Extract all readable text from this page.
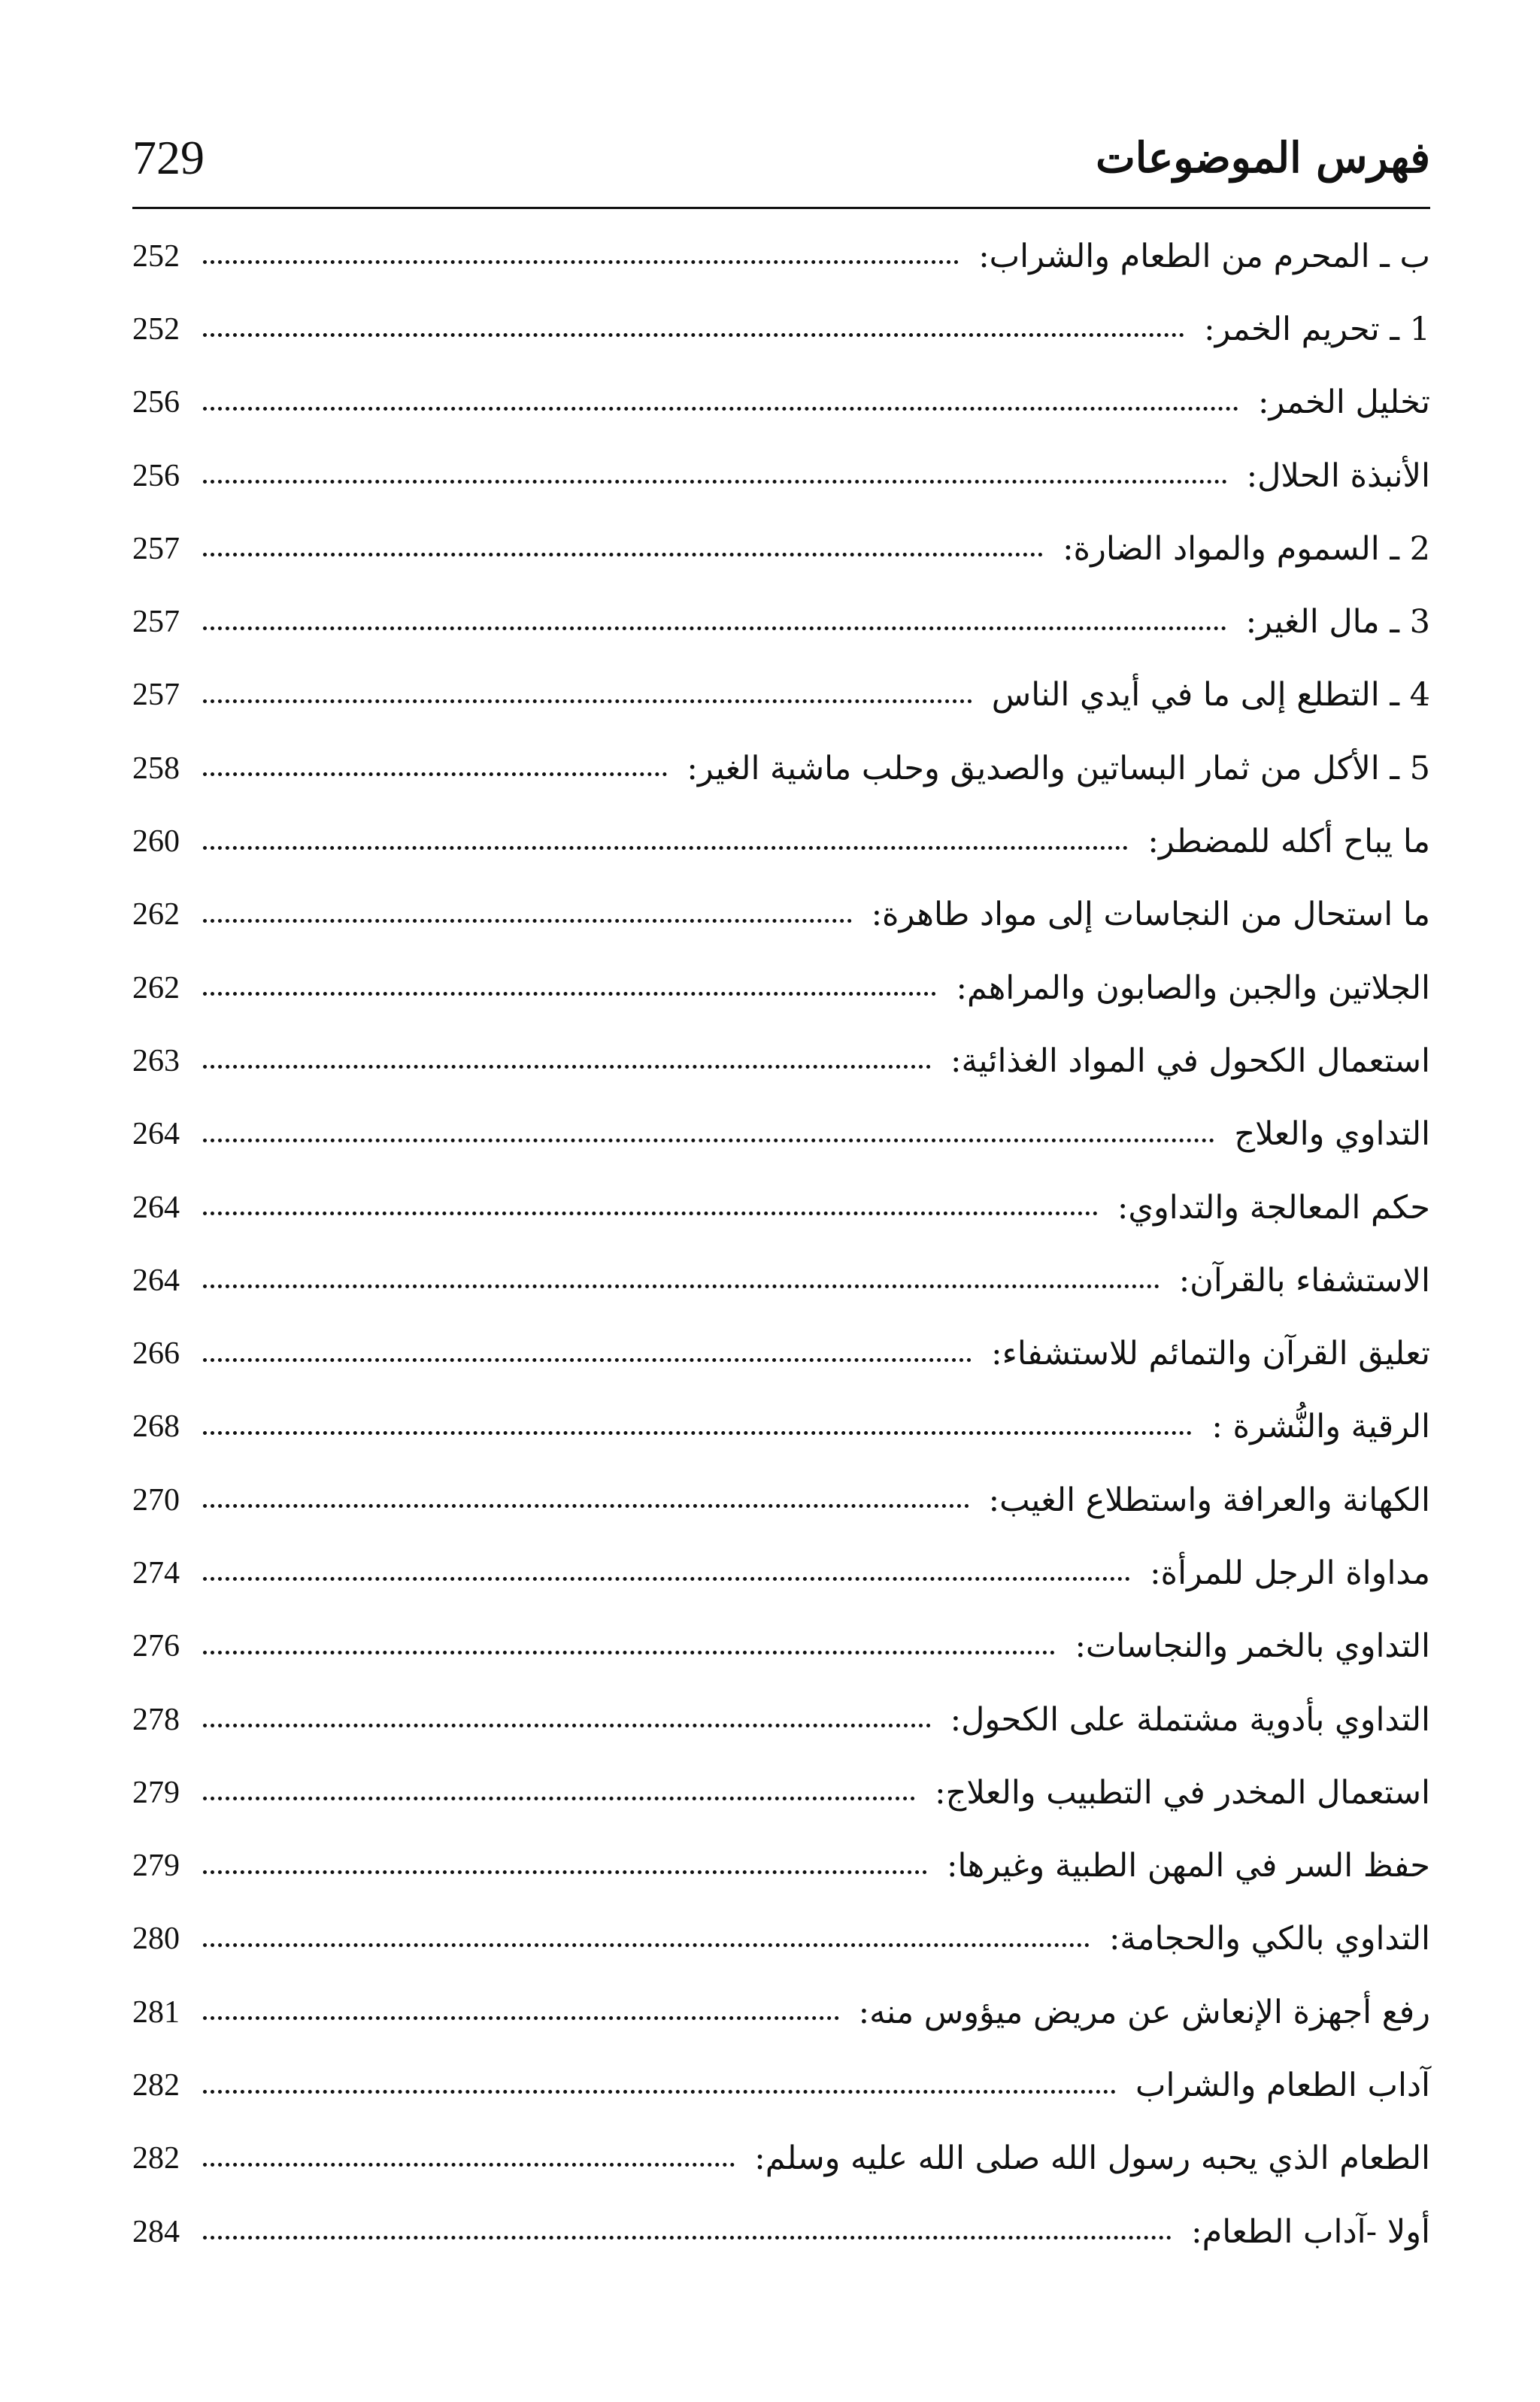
729	فهرس الموضوعات
ب ـ المحرم من الطعام والشراب:
252
1 ـ تحريم الخمر:
252
تخليل الخمر:
256
الأنبذة الحلال:
256
2 ـ السموم والمواد الضارة:
257
3 ـ مال الغير:
257
4 ـ التطلع إلى ما في أيدي الناس
257
5 ـ الأكل من ثمار البساتين والصديق وحلب ماشية الغير:
258
ما يباح أكله للمضطر:
260
ما استحال من النجاسات إلى مواد طاهرة:
262
الجلاتين والجبن والصابون والمراهم:
262
استعمال الكحول في المواد الغذائية:
263
التداوي والعلاج
264
حكم المعالجة والتداوي:
264
الاستشفاء بالقرآن:
264
تعليق القرآن والتمائم للاستشفاء:
266
الرقية والنُّشرة :
268
الكهانة والعرافة واستطلاع الغيب:
270
مداواة الرجل للمرأة:
274
التداوي بالخمر والنجاسات:
276
التداوي بأدوية مشتملة على الكحول:
278
استعمال المخدر في التطبيب والعلاج:
279
حفظ السر في المهن الطبية وغيرها:
279
التداوي بالكي والحجامة:
280
رفع أجهزة الإنعاش عن مريض ميؤوس منه:
281
آداب الطعام والشراب
282
الطعام الذي يحبه رسول الله صلى الله عليه وسلم:
282
أولا -آداب الطعام:
284
